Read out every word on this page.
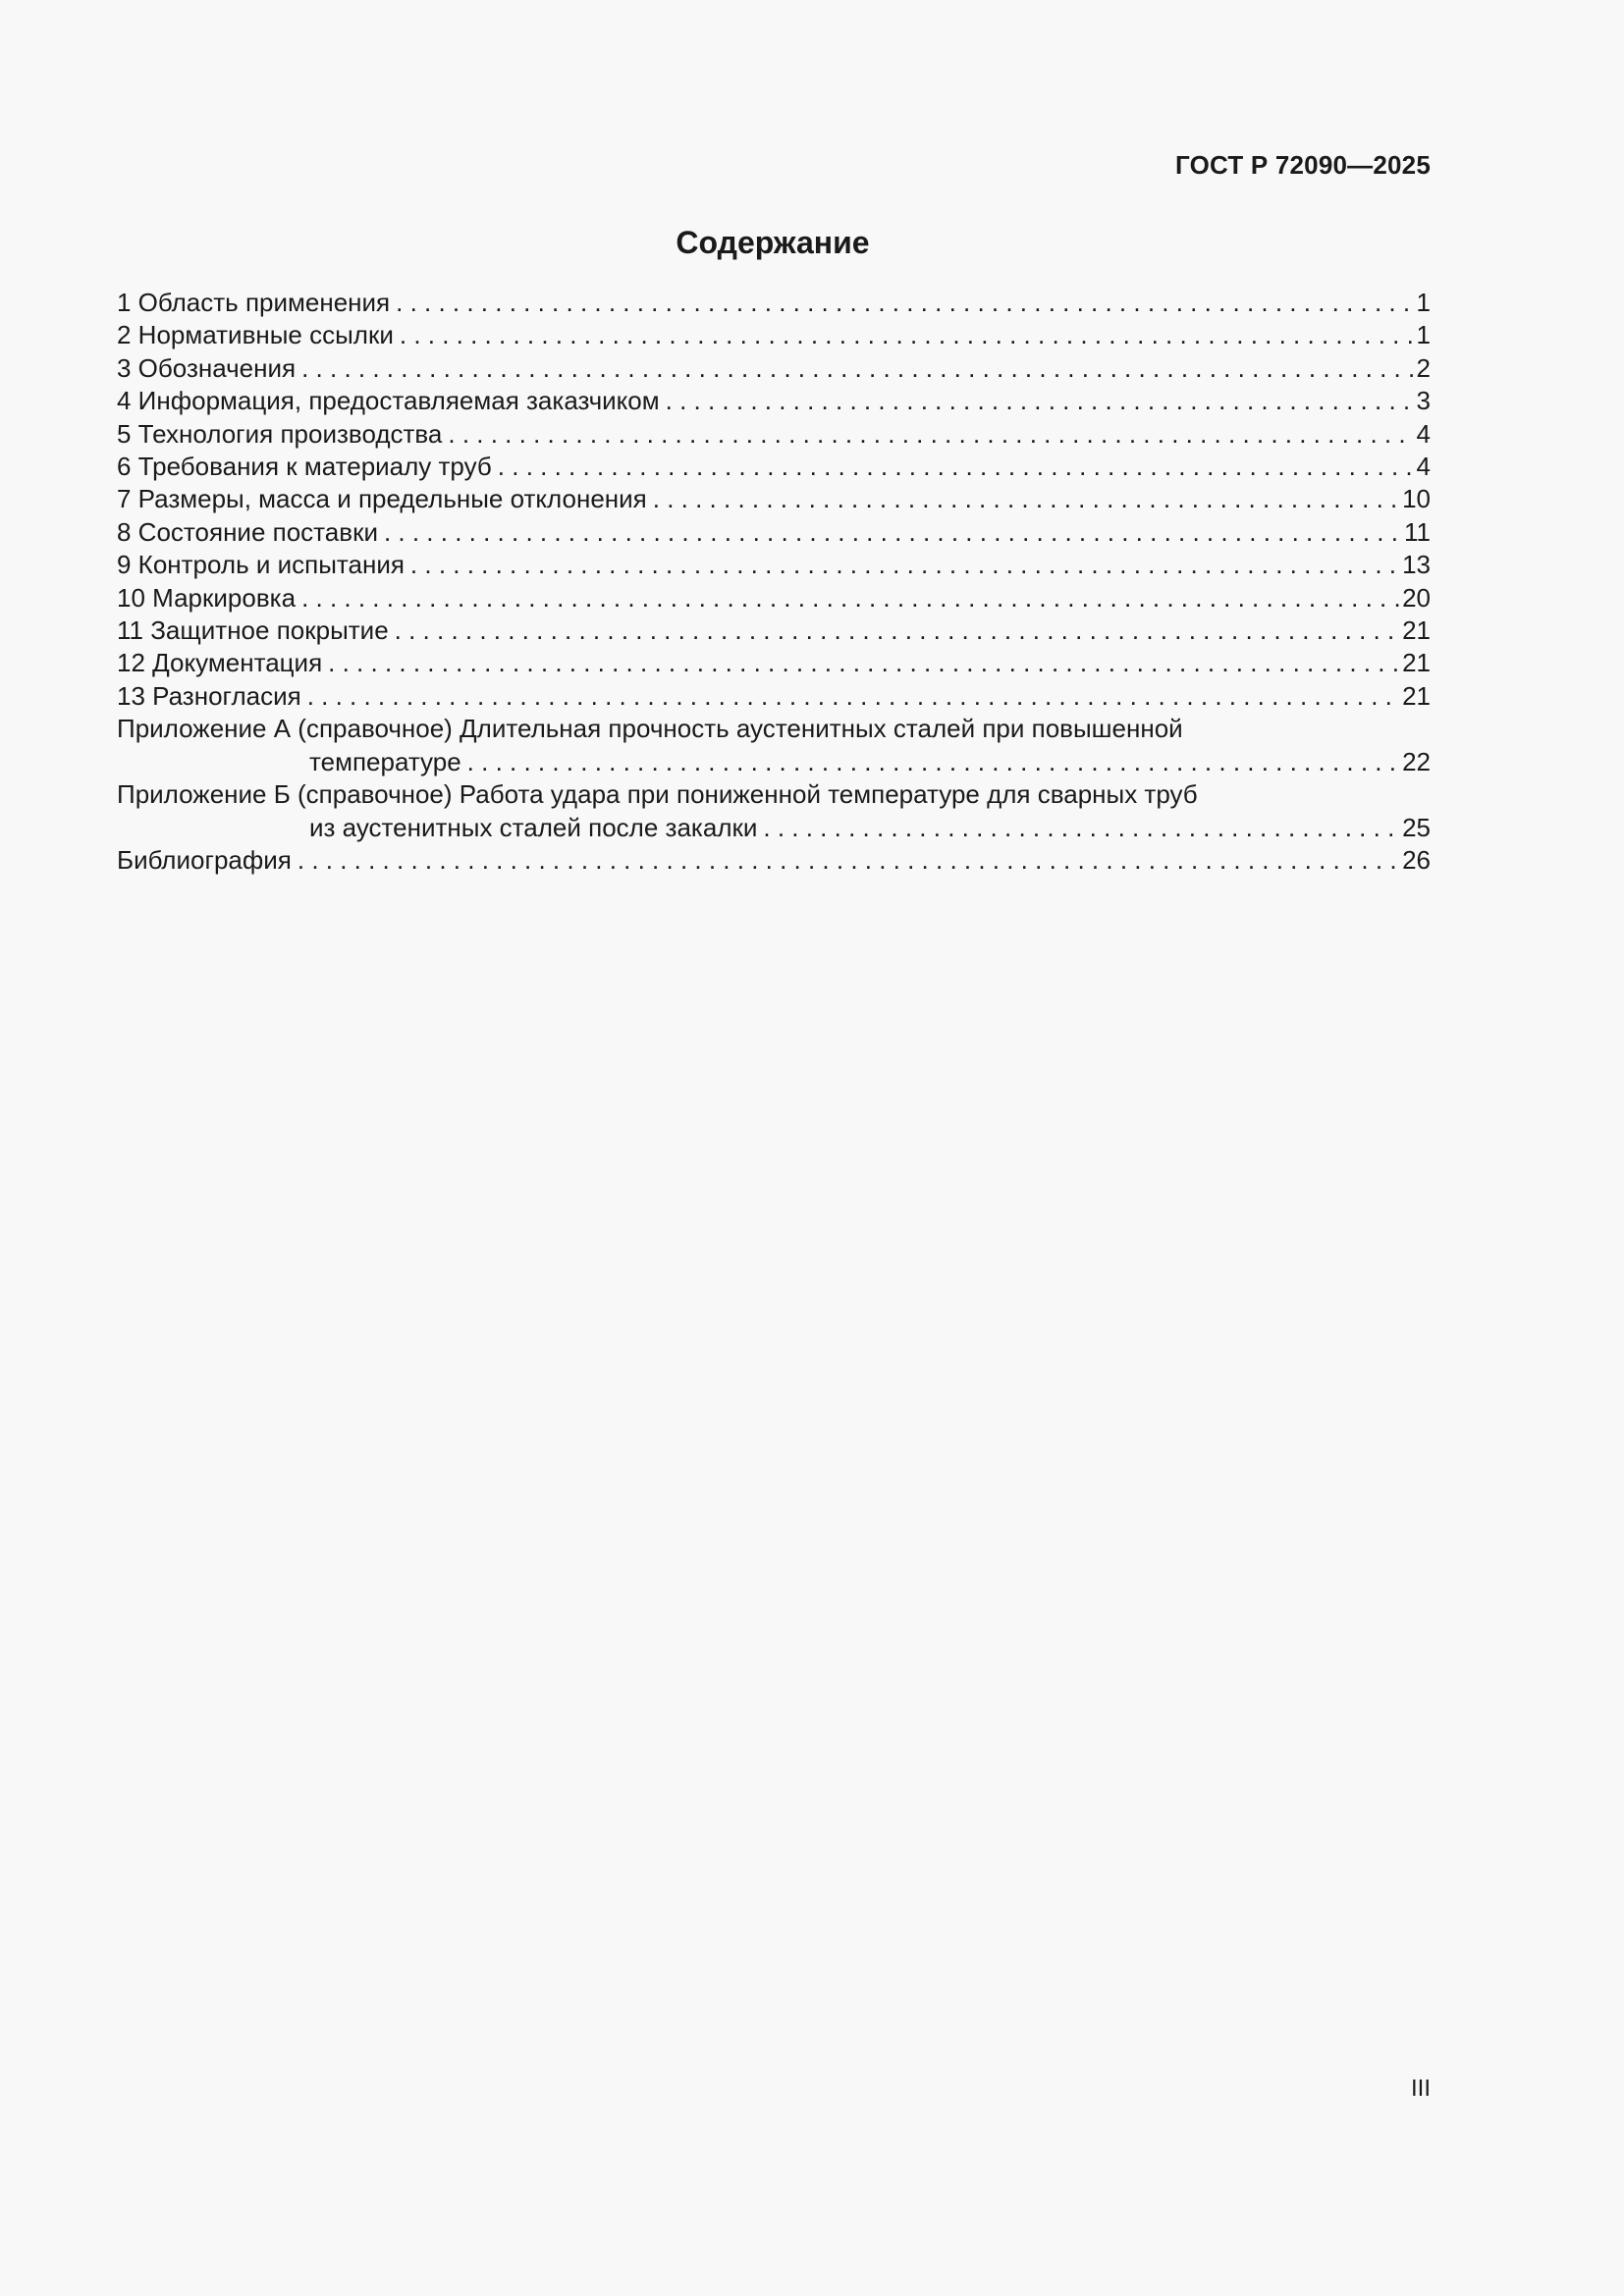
ГОСТ Р 72090—2025
Содержание
1 Область применения . . .	1
2 Нормативные ссылки . . .	1
3 Обозначения . . .	2
4 Информация, предоставляемая заказчиком . . .	3
5 Технология производства . . .	4
6 Требования к материалу труб . . .	4
7 Размеры, масса и предельные отклонения . . .	10
8 Состояние поставки . . .	11
9 Контроль и испытания . . .	13
10 Маркировка . . .	20
11 Защитное покрытие . . .	21
12 Документация . . .	21
13 Разногласия . . .	21
Приложение А (справочное) Длительная прочность аустенитных сталей при повышенной
температуре . . .	22
Приложение Б (справочное) Работа удара при пониженной температуре для сварных труб
из аустенитных сталей после закалки . . .	25
Библиография . . .	26
III
